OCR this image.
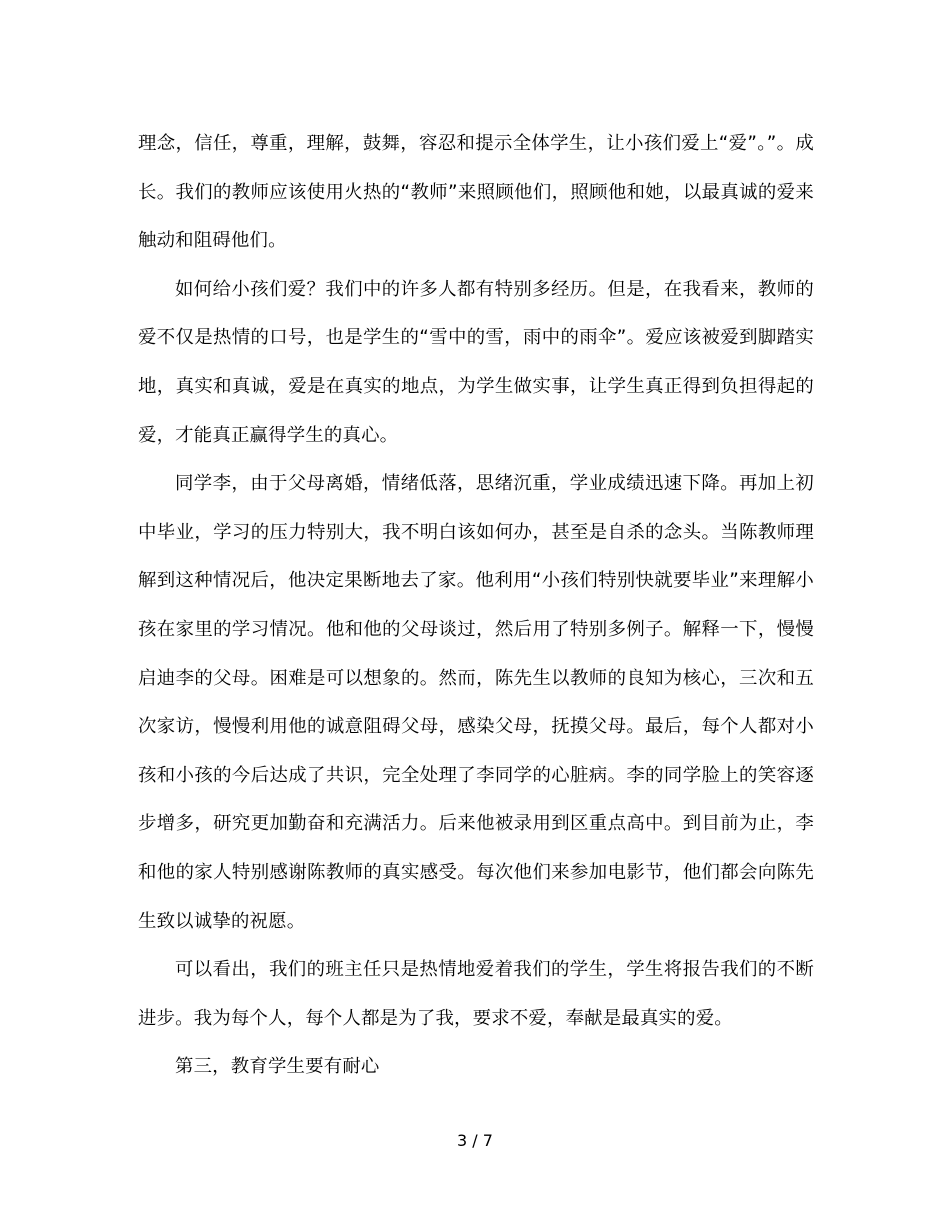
理念，信任，尊重，理解，鼓舞，容忍和提示全体学生，让小孩们爱上“爱”。”。成长。我们的教师应该使用火热的“教师”来照顾他们，照顾他和她，以最真诚的爱来触动和阻碍他们。

如何给小孩们爱？我们中的许多人都有特别多经历。但是，在我看来，教师的爱不仅是热情的口号，也是学生的“雪中的雪，雨中的雨伞”。爱应该被爱到脚踏实地，真实和真诚，爱是在真实的地点，为学生做实事，让学生真正得到负担得起的爱，才能真正赢得学生的真心。

同学李，由于父母离婚，情绪低落，思绪沉重，学业成绩迅速下降。再加上初中毕业，学习的压力特别大，我不明白该如何办，甚至是自杀的念头。当陈教师理解到这种情况后，他决定果断地去了家。他利用“小孩们特别快就要毕业”来理解小孩在家里的学习情况。他和他的父母谈过，然后用了特别多例子。解释一下，慢慢启迪李的父母。困难是可以想象的。然而，陈先生以教师的良知为核心，三次和五次家访，慢慢利用他的诚意阻碍父母，感染父母，抚摸父母。最后，每个人都对小孩和小孩的今后达成了共识，完全处理了李同学的心脏病。李的同学脸上的笑容逐步增多，研究更加勤奋和充满活力。后来他被录用到区重点高中。到目前为止，李和他的家人特别感谢陈教师的真实感受。每次他们来参加电影节，他们都会向陈先生致以诚挚的祝愿。

可以看出，我们的班主任只是热情地爱着我们的学生，学生将报告我们的不断进步。我为每个人，每个人都是为了我，要求不爱，奉献是最真实的爱。

第三，教育学生要有耐心

3 / 7
